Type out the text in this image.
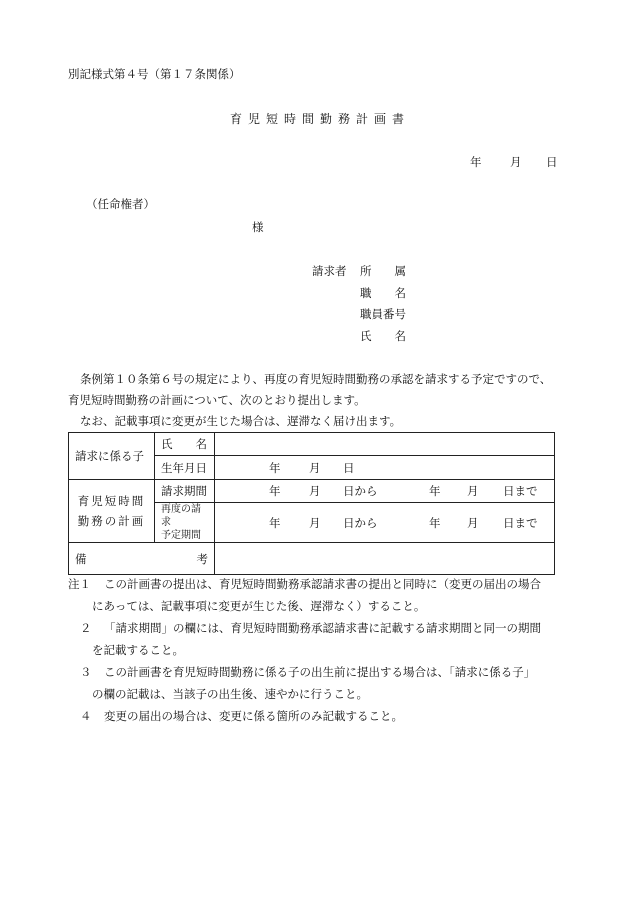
別記様式第４号（第１７条関係）
育児短時間勤務計画書
年 月 日
（任命権者）
様
請求者 所　　属
職　　名
職員番号
氏　　名
条例第１０条第６号の規定により、再度の育児短時間勤務の承認を請求する予定ですので、
育児短時間勤務の計画について、次のとおり提出します。
なお、記載事項に変更が生じた場合は、遅滞なく届け出ます。
請求に係る子	氏　　名	
	生年月日	年 月 日

育児短時間
勤務の計画	請求期間	年 月 日から 年 月 日まで

	再度の請求
予定期間	年 月 日から 年 月 日まで

備 考		

注１	この計画書の提出は、育児短時間勤務承認請求書の提出と同時に（変更の届出の場合
にあっては、記載事項に変更が生じた後、遅滞なく）すること。
２	「請求期間」の欄には、育児短時間勤務承認請求書に記載する請求期間と同一の期間
を記載すること。
３	この計画書を育児短時間勤務に係る子の出生前に提出する場合は、「請求に係る子」
の欄の記載は、当該子の出生後、速やかに行うこと。
４	変更の届出の場合は、変更に係る箇所のみ記載すること。
